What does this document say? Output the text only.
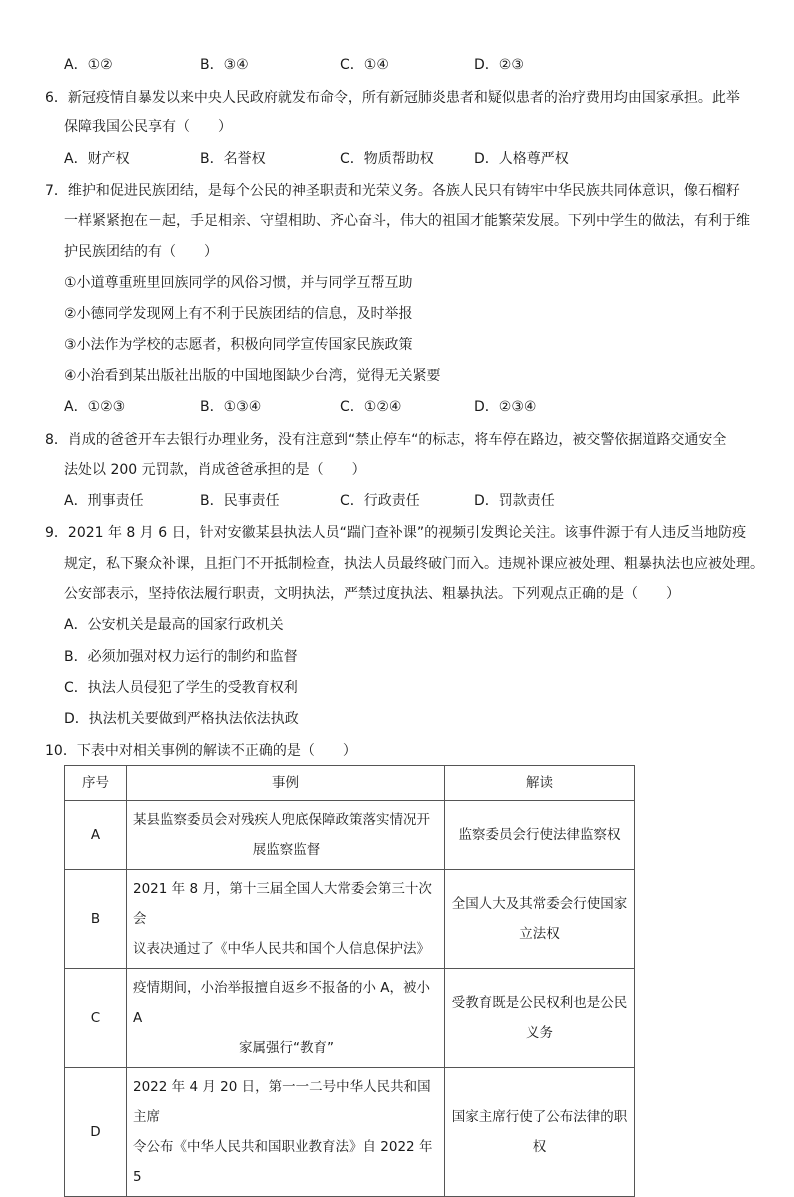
A．①②	B．③④	C．①④	D．②③
6．新冠疫情自暴发以来中央人民政府就发布命令，所有新冠肺炎患者和疑似患者的治疗费用均由国家承担。此举
保障我国公民享有（　　）
A．财产权	B．名誉权	C．物质帮助权	D．人格尊严权
7．维护和促进民族团结，是每个公民的神圣职责和光荣义务。各族人民只有铸牢中华民族共同体意识，像石榴籽
一样紧紧抱在－起，手足相亲、守望相助、齐心奋斗，伟大的祖国才能繁荣发展。下列中学生的做法，有利于维
护民族团结的有（　　）
①小道尊重班里回族同学的风俗习惯，并与同学互帮互助
②小德同学发现网上有不利于民族团结的信息，及时举报
③小法作为学校的志愿者，积极向同学宣传国家民族政策
④小治看到某出版社出版的中国地图缺少台湾，觉得无关紧要
A．①②③	B．①③④	C．①②④	D．②③④
8．肖成的爸爸开车去银行办理业务，没有注意到“禁止停车“的标志，将车停在路边，被交警依据道路交通安全
法处以 200 元罚款，肖成爸爸承担的是（　　）
A．刑事责任	B．民事责任	C．行政责任	D．罚款责任
9．2021 年 8 月 6 日，针对安徽某县执法人员“踹门查补课”的视频引发舆论关注。该事件源于有人违反当地防疫
规定，私下聚众补课，且拒门不开抵制检查，执法人员最终破门而入。违规补课应被处理、粗暴执法也应被处理。
公安部表示，坚持依法履行职责，文明执法，严禁过度执法、粗暴执法。下列观点正确的是（　　）
A．公安机关是最高的国家行政机关
B．必须加强对权力运行的制约和监督
C．执法人员侵犯了学生的受教育权利
D．执法机关要做到严格执法依法执政
10．下表中对相关事例的解读不正确的是（　　）
序号	事例	解读
A	某县监察委员会对残疾人兜底保障政策落实情况开
展监察监督	监察委员会行使法律监察权

B	2021 年 8 月，第十三届全国人大常委会第三十次会
议表决通过了《中华人民共和国个人信息保护法》	全国人大及其常委会行使国家
立法权

C	疫情期间，小治举报擅自返乡不报备的小 A，被小 A
家属强行“教育”	受教育既是公民权利也是公民
义务

D	2022 年 4 月 20 日，第一一二号中华人民共和国主席
令公布《中华人民共和国职业教育法》自 2022 年 5	国家主席行使了公布法律的职
权
